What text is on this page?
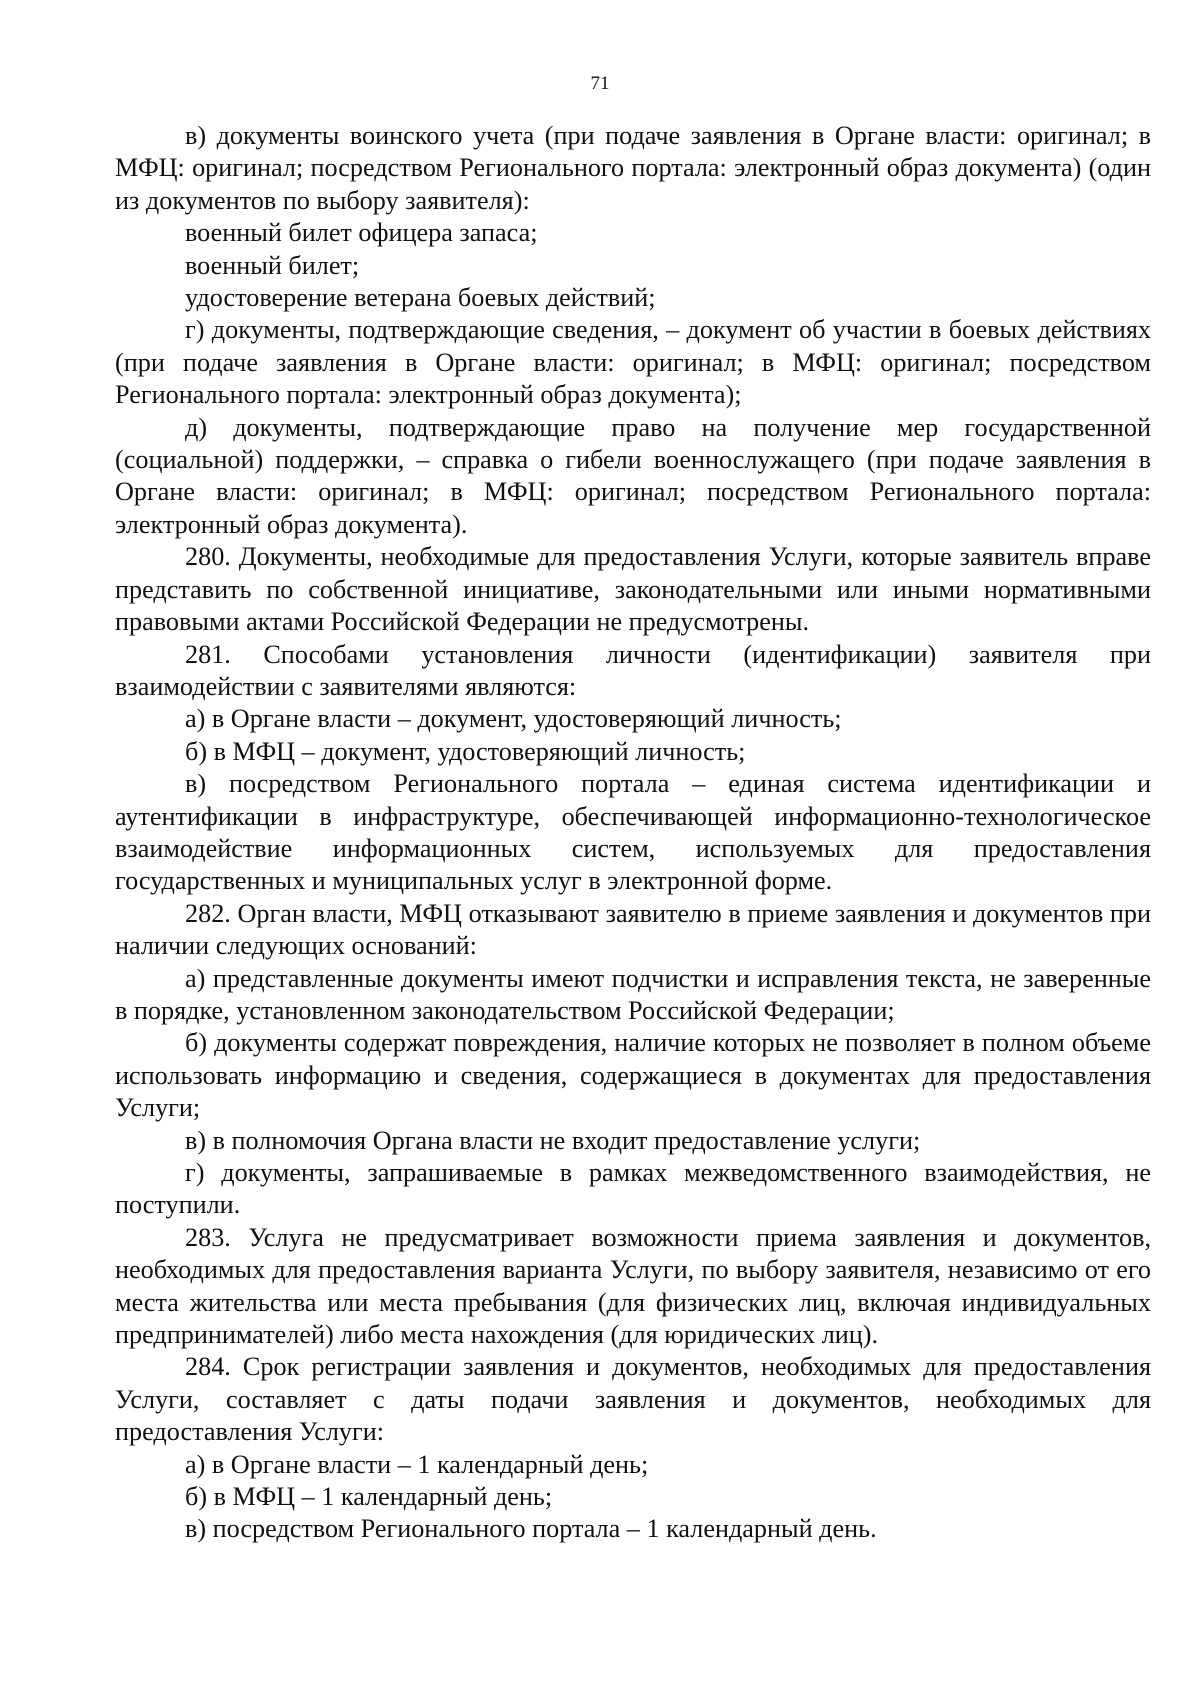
71

в) документы воинского учета (при подаче заявления в Органе власти: оригинал; в МФЦ: оригинал; посредством Регионального портала: электронный образ документа) (один из документов по выбору заявителя):

военный билет офицера запаса;

военный билет;

удостоверение ветерана боевых действий;

г) документы, подтверждающие сведения, – документ об участии в боевых действиях (при подаче заявления в Органе власти: оригинал; в МФЦ: оригинал; посредством Регионального портала: электронный образ документа);

д) документы, подтверждающие право на получение мер государственной (социальной) поддержки, – справка о гибели военнослужащего (при подаче заявления в Органе власти: оригинал; в МФЦ: оригинал; посредством Регионального портала: электронный образ документа).

280. Документы, необходимые для предоставления Услуги, которые заявитель вправе представить по собственной инициативе, законодательными или иными нормативными правовыми актами Российской Федерации не предусмотрены.

281. Способами установления личности (идентификации) заявителя при взаимодействии с заявителями являются:

а) в Органе власти – документ, удостоверяющий личность;

б) в МФЦ – документ, удостоверяющий личность;

в) посредством Регионального портала – единая система идентификации и аутентификации в инфраструктуре, обеспечивающей информационно-технологическое взаимодействие информационных систем, используемых для предоставления государственных и муниципальных услуг в электронной форме.

282. Орган власти, МФЦ отказывают заявителю в приеме заявления и документов при наличии следующих оснований:

а) представленные документы имеют подчистки и исправления текста, не заверенные в порядке, установленном законодательством Российской Федерации;

б) документы содержат повреждения, наличие которых не позволяет в полном объеме использовать информацию и сведения, содержащиеся в документах для предоставления Услуги;

в) в полномочия Органа власти не входит предоставление услуги;

г) документы, запрашиваемые в рамках межведомственного взаимодействия, не поступили.

283. Услуга не предусматривает возможности приема заявления и документов, необходимых для предоставления варианта Услуги, по выбору заявителя, независимо от его места жительства или места пребывания (для физических лиц, включая индивидуальных предпринимателей) либо места нахождения (для юридических лиц).

284. Срок регистрации заявления и документов, необходимых для предоставления Услуги, составляет с даты подачи заявления и документов, необходимых для предоставления Услуги:

а) в Органе власти – 1 календарный день;

б) в МФЦ – 1 календарный день;

в) посредством Регионального портала – 1 календарный день.
